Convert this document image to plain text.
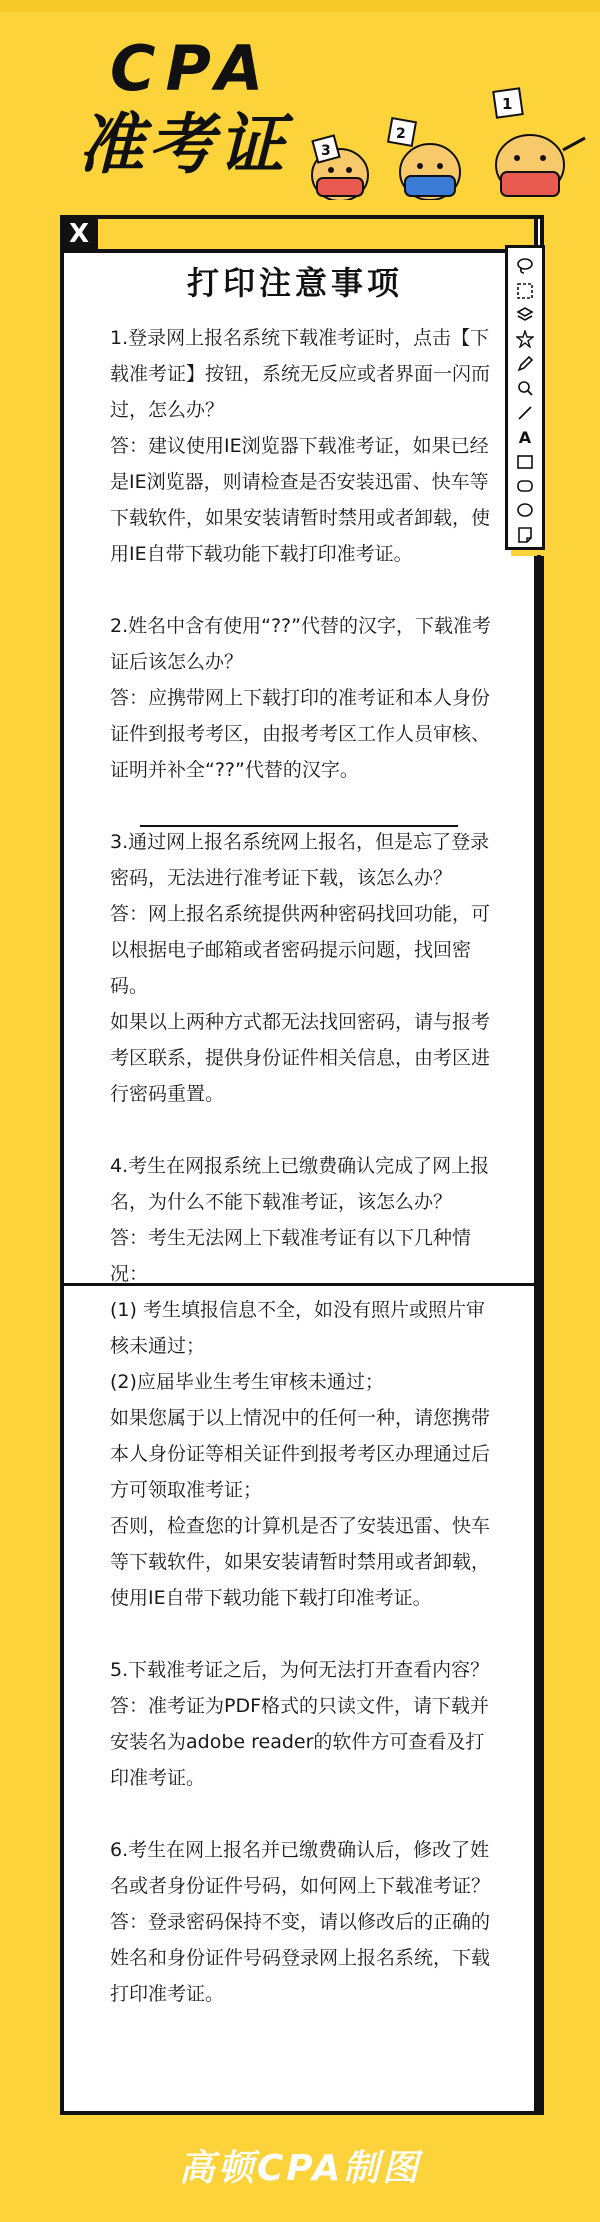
CPA
准考证 3
2
1
X
A
打印注意事项

1.登录网上报名系统下载准考证时，点击【下载准考证】按钮，系统无反应或者界面一闪而过，怎么办？

答：建议使用IE浏览器下载准考证，如果已经是IE浏览器，则请检查是否安装迅雷、快车等下载软件，如果安装请暂时禁用或者卸载，使用IE自带下载功能下载打印准考证。

2.姓名中含有使用“??”代替的汉字，下载准考证后该怎么办？

答：应携带网上下载打印的准考证和本人身份证件到报考考区，由报考考区工作人员审核、证明并补全“??”代替的汉字。

3.通过网上报名系统网上报名，但是忘了登录密码，无法进行准考证下载，该怎么办？

答：网上报名系统提供两种密码找回功能，可以根据电子邮箱或者密码提示问题，找回密码。

如果以上两种方式都无法找回密码，请与报考考区联系，提供身份证件相关信息，由考区进行密码重置。

4.考生在网报系统上已缴费确认完成了网上报名，为什么不能下载准考证，该怎么办？

答：考生无法网上下载准考证有以下几种情况：

(1) 考生填报信息不全，如没有照片或照片审核未通过；

(2)应届毕业生考生审核未通过；

如果您属于以上情况中的任何一种，请您携带本人身份证等相关证件到报考考区办理通过后方可领取准考证；

否则，检查您的计算机是否了安装迅雷、快车等下载软件，如果安装请暂时禁用或者卸载，使用IE自带下载功能下载打印准考证。

5.下载准考证之后，为何无法打开查看内容？

答：准考证为PDF格式的只读文件，请下载并安装名为adobe reader的软件方可查看及打印准考证。

6.考生在网上报名并已缴费确认后，修改了姓名或者身份证件号码，如何网上下载准考证？

答：登录密码保持不变，请以修改后的正确的姓名和身份证件号码登录网上报名系统，下载打印准考证。

高顿CPA制图
